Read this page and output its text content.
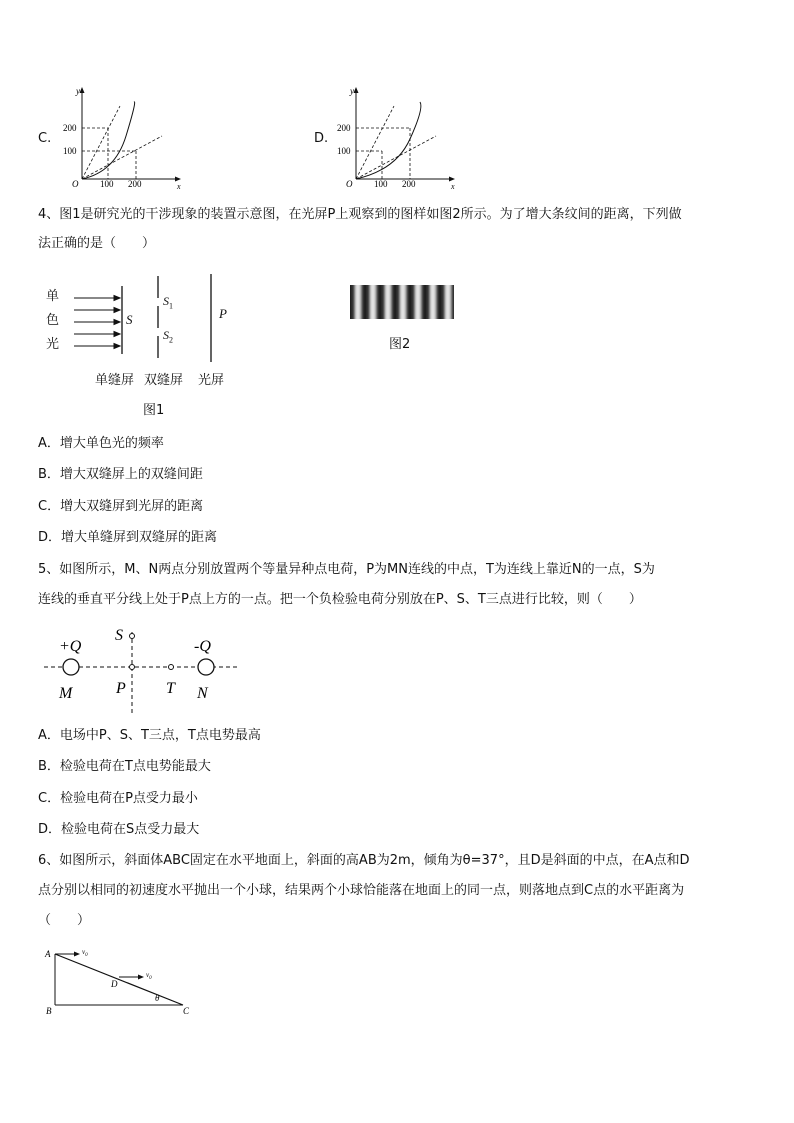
C.	D.
y
x
O
200
100
100 200
y
x
O
200
100
100 200
4、图1是研究光的干涉现象的装置示意图，在光屏P上观察到的图样如图2所示。为了增大条纹间的距离，下列做
法正确的是（　　）
单
色
光
S
$S_1$
$S_2$
P
单缝屏 双缝屏 光屏
图1
图2
A．增大单色光的频率
B．增大双缝屏上的双缝间距
C．增大双缝屏到光屏的距离
D．增大单缝屏到双缝屏的距离
5、如图所示，M、N两点分别放置两个等量异种点电荷，P为MN连线的中点，T为连线上靠近N的一点，S为
连线的垂直平分线上处于P点上方的一点。把一个负检验电荷分别放在P、S、T三点进行比较，则（　　）
+Q	-Q
M	P	T N
S
A．电场中P、S、T三点，T点电势最高
B．检验电荷在T点电势能最大
C．检验电荷在P点受力最小
D．检验电荷在S点受力最大
6、如图所示，斜面体ABC固定在水平地面上，斜面的高AB为2m，倾角为θ=37°，且D是斜面的中点，在A点和D
点分别以相同的初速度水平抛出一个小球，结果两个小球恰能落在地面上的同一点，则落地点到C点的水平距离为
（　　）
A
B	C
D
θ
$v_0$
$v_0$
